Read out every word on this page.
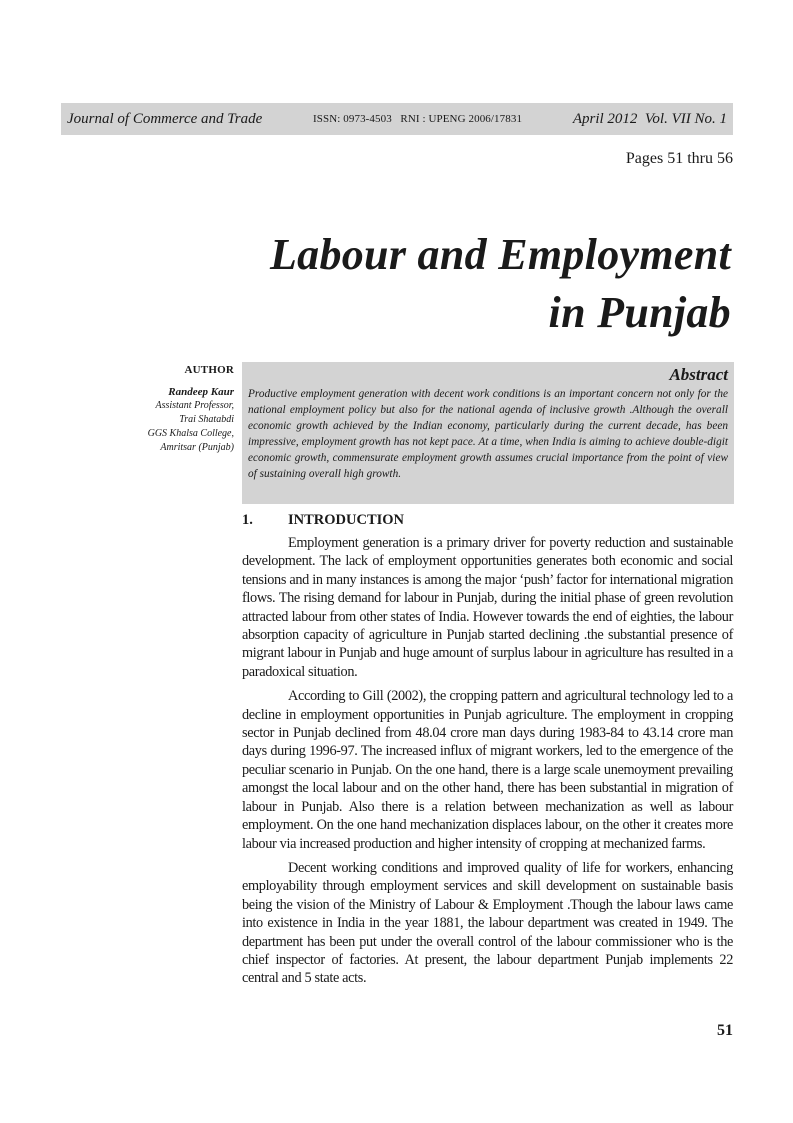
Journal of Commerce and Trade	ISSN: 0973-4503   RNI : UPENG 2006/17831	April 2012  Vol. VII No. 1
Pages 51 thru 56
Labour and Employment
in Punjab
AUTHOR
Randeep Kaur
Assistant Professor,
Trai Shatabdi
GGS Khalsa College,
Amritsar (Punjab)
Abstract

Productive employment generation with decent work conditions is an important concern not only for the national employment policy but also for the national agenda of inclusive growth .Although the overall economic growth achieved by the Indian economy, particularly during the current decade, has been impressive, employment growth has not kept pace. At a time, when India is aiming to achieve double-digit economic growth, commensurate employment growth assumes crucial importance from the point of view of sustaining overall high growth.

1.	INTRODUCTION

Employment generation is a primary driver for poverty reduction and sustainable development. The lack of employment opportunities generates both economic and social tensions and in many instances is among the major ‘push’ factor for international migration flows. The rising demand for labour in Punjab, during the initial phase of green revolution attracted labour from other states of India. However towards the end of eighties, the labour absorption capacity of agriculture in Punjab started declining .the substantial presence of migrant labour in Punjab and huge amount of surplus labour in agriculture has resulted in a paradoxical situation.

According to Gill (2002), the cropping pattern and agricultural technology led to a decline in employment opportunities in Punjab agriculture. The employment in cropping sector in Punjab declined from 48.04 crore man days during 1983-84 to 43.14 crore man days during 1996-97. The increased influx of migrant workers, led to the emergence of the peculiar scenario in Punjab. On the one hand, there is a large scale unemoyment prevailing amongst the local labour and on the other hand, there has been substantial in migration of labour in Punjab. Also there is a relation between mechanization as well as labour employment. On the one hand mechanization displaces labour, on the other it creates more labour via increased production and higher intensity of cropping at mechanized farms.

Decent working conditions and improved quality of life for workers, enhancing employability through employment services and skill development on sustainable basis being the vision of the Ministry of Labour & Employment .Though the labour laws came into existence in India in the year 1881, the labour department was created in 1949. The department has been put under the overall control of the labour commissioner who is the chief inspector of factories. At present, the labour department Punjab implements 22 central and 5 state acts.

51
